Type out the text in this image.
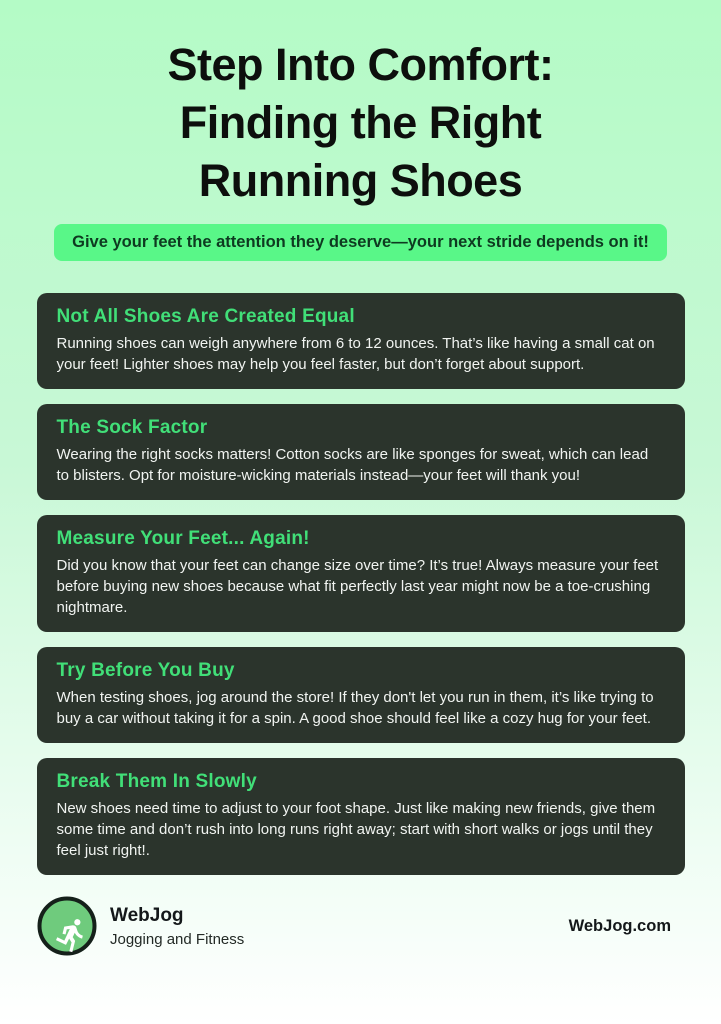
Step Into Comfort:
Finding the Right
Running Shoes
Give your feet the attention they deserve—your next stride depends on it!
Not All Shoes Are Created Equal
Running shoes can weigh anywhere from 6 to 12 ounces. That’s like having a small cat on your feet! Lighter shoes may help you feel faster, but don’t forget about support.
The Sock Factor
Wearing the right socks matters! Cotton socks are like sponges for sweat, which can lead to blisters. Opt for moisture-wicking materials instead—your feet will thank you!
Measure Your Feet... Again!
Did you know that your feet can change size over time? It’s true! Always measure your feet before buying new shoes because what fit perfectly last year might now be a toe-crushing nightmare.
Try Before You Buy
When testing shoes, jog around the store! If they don't let you run in them, it’s like trying to buy a car without taking it for a spin. A good shoe should feel like a cozy hug for your feet.
Break Them In Slowly
New shoes need time to adjust to your foot shape. Just like making new friends, give them some time and don’t rush into long runs right away; start with short walks or jogs until they feel just right!.
WebJog
Jogging and Fitness
WebJog.com
